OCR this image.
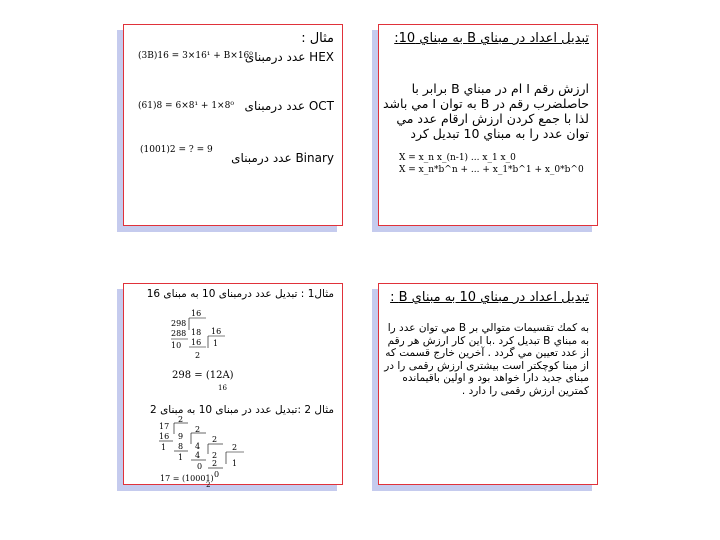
تبديل اعداد در مبناي B به مبناي 10:
ارزش رقم I ام در مبناي B برابر با حاصلضرب رقم در B به توان I مي باشد لذا با جمع كردن ارزش ارقام عدد مي توان عدد را به مبناي 10 تبديل كرد
X = x_n x_(n-1) ... x_1 x_0
X = x_n*b^n + ... + x_1*b^1 + x_0*b^0
مثال :
HEX عدد درمبنای
(3B)16 = 3×16¹ + B×16⁰
OCT عدد درمبنای
(61)8 = 6×8¹ + 1×8⁰
Binary عدد درمبنای
(1001)2 = ? = 9
تبديل اعداد در مبناي 10 به مبناي B :
به كمك تقسيمات متوالي بر B مي توان عدد را به مبناي B تبديل كرد .با اين كار ارزش هر رقم از عدد تعيين مي گردد . آخرين خارج قسمت كه از مبنا كوچكتر است بيشترى ارزش رقمى را در مبناى جديد دارا خواهد بود و اولين باقيمانده كمترين ارزش رقمى را دارد .
مثال1 : تبدیل عدد درمبنای 10 به مبنای 16
298
288
10
16
18
16
2
16
1
298 = (12A)
16
مثال 2 :تبدیل عدد در مبنای 10 به مبنای 2
17
16
1
2
9
8
1
2
4
4
0
2
2
2
0
2
1
17 = (10001)
2
